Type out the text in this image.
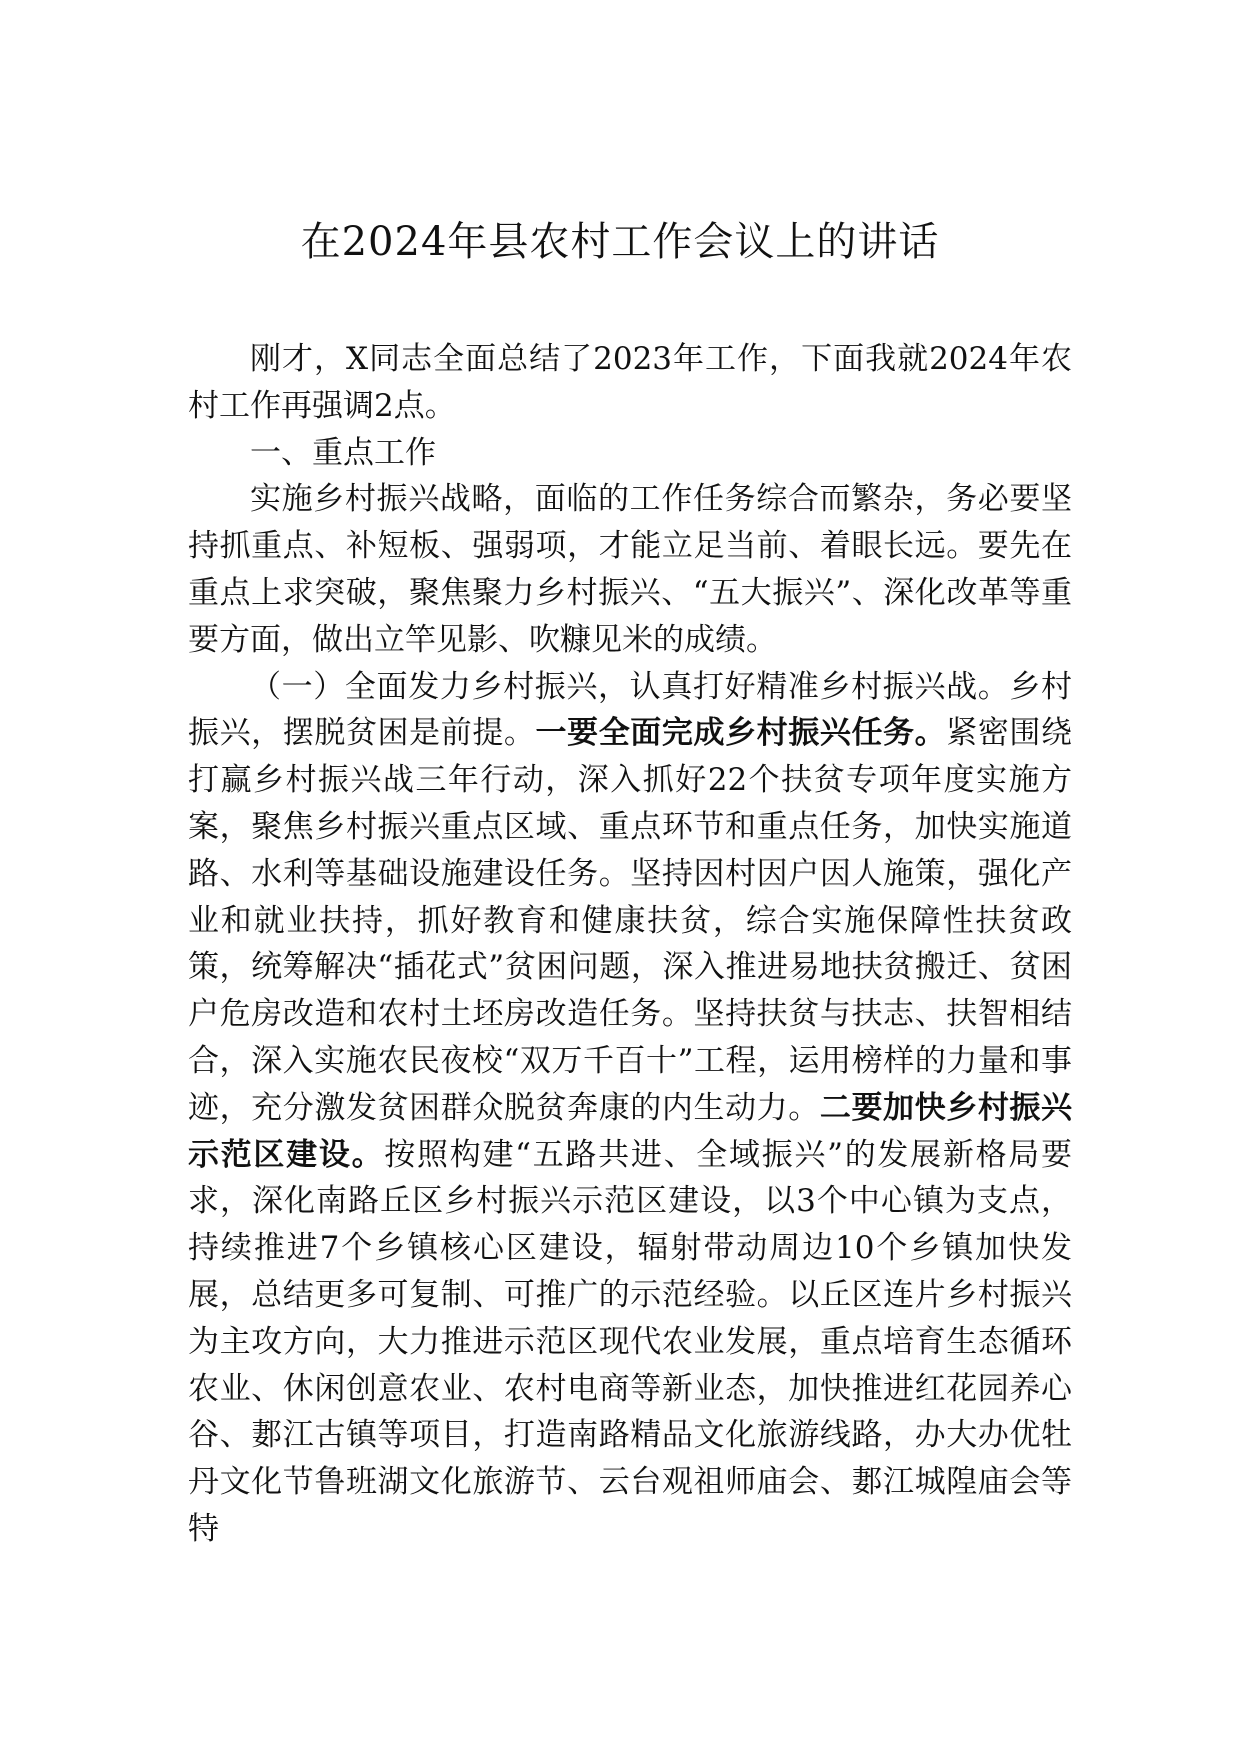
在2024年县农村工作会议上的讲话

刚才，X同志全面总结了2023年工作，下面我就2024年农村工作再强调2点。

一、重点工作

实施乡村振兴战略，面临的工作任务综合而繁杂，务必要坚持抓重点、补短板、强弱项，才能立足当前、着眼长远。要先在重点上求突破，聚焦聚力乡村振兴、“五大振兴”、深化改革等重要方面，做出立竿见影、吹糠见米的成绩。

（一）全面发力乡村振兴，认真打好精准乡村振兴战。乡村振兴，摆脱贫困是前提。一要全面完成乡村振兴任务。紧密围绕打赢乡村振兴战三年行动，深入抓好22个扶贫专项年度实施方案，聚焦乡村振兴重点区域、重点环节和重点任务，加快实施道路、水利等基础设施建设任务。坚持因村因户因人施策，强化产业和就业扶持，抓好教育和健康扶贫，综合实施保障性扶贫政策，统筹解决“插花式”贫困问题，深入推进易地扶贫搬迁、贫困户危房改造和农村土坯房改造任务。坚持扶贫与扶志、扶智相结合，深入实施农民夜校“双万千百十”工程，运用榜样的力量和事迹，充分激发贫困群众脱贫奔康的内生动力。二要加快乡村振兴示范区建设。按照构建“五路共进、全域振兴”的发展新格局要求，深化南路丘区乡村振兴示范区建设，以3个中心镇为支点，持续推进7个乡镇核心区建设，辐射带动周边10个乡镇加快发展，总结更多可复制、可推广的示范经验。以丘区连片乡村振兴为主攻方向，大力推进示范区现代农业发展，重点培育生态循环农业、休闲创意农业、农村电商等新业态，加快推进红花园养心谷、郪江古镇等项目，打造南路精品文化旅游线路，办大办优牡丹文化节鲁班湖文化旅游节、云台观祖师庙会、郪江城隍庙会等特
